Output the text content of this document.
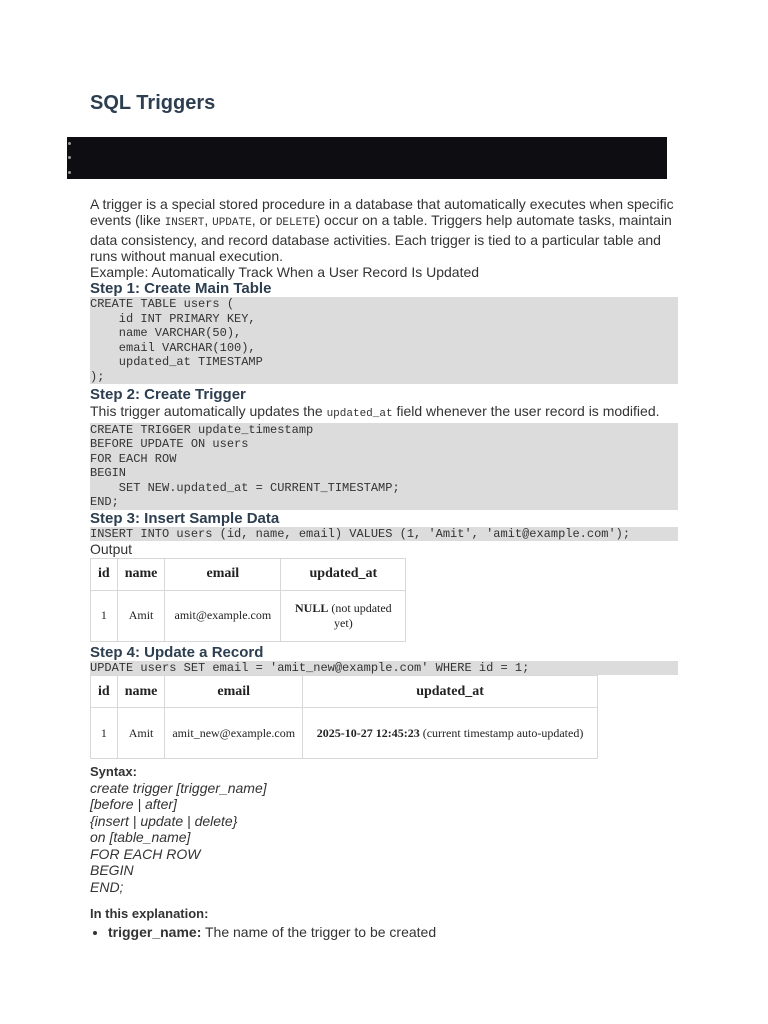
SQL Triggers

A trigger is a special stored procedure in a database that automatically executes when specific events (like INSERT, UPDATE, or DELETE) occur on a table. Triggers help automate tasks, maintain data consistency, and record database activities. Each trigger is tied to a particular table and runs without manual execution.

Example: Automatically Track When a User Record Is Updated

Step 1: Create Main Table
CREATE TABLE users (
id INT PRIMARY KEY,
name VARCHAR(50),
email VARCHAR(100),
updated_at TIMESTAMP
);
Step 2: Create Trigger

This trigger automatically updates the updated_at field whenever the user record is modified.

CREATE TRIGGER update_timestamp
BEFORE UPDATE ON users
FOR EACH ROW
BEGIN
SET NEW.updated_at = CURRENT_TIMESTAMP;
END;
Step 3: Insert Sample Data
INSERT INTO users (id, name, email) VALUES (1, 'Amit', 'amit@example.com');

Output

id	name	email	updated_at
1	Amit	amit@example.com	NULL (not updated yet)
Step 4: Update a Record
UPDATE users SET email = 'amit_new@example.com' WHERE id = 1;
id	name	email	updated_at
1	Amit	amit_new@example.com	2025-10-27 12:45:23 (current timestamp auto-updated)
Syntax:
create trigger [trigger_name]
[before | after]
{insert | update | delete}
on [table_name]
FOR EACH ROW
BEGIN
END;
In this explanation:
• trigger_name: The name of the trigger to be created
